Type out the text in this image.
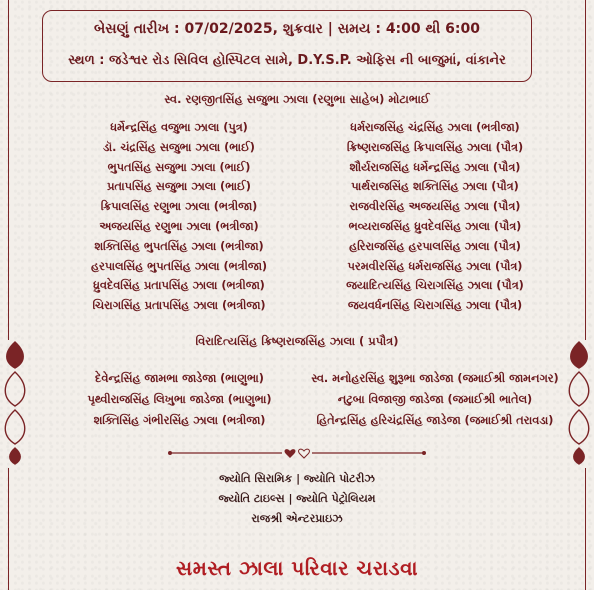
બેસણું તારીખ : 07/02/2025, શુક્રવાર | સમય : 4:00 થી 6:00
સ્થળ : જડેશ્વર રોડ સિવિલ હોસ્પિટલ સામે, D.Y.S.P. ઓફિસ ની બાજુમાં, વાંકાનેર
સ્વ. રણજીતસિંહ સજુભા ઝાલા (રણુભા સાહેબ) મોટાભાઈ
ધર્મેન્દ્રસિંહ વજુભા ઝાલા (પુત્ર)
ડૉ. ચંદ્રસિંહ સજુભા ઝાલા (ભાઈ)
ભુપતસિંહ સજુભા ઝાલા (ભાઈ)
પ્રતાપસિંહ સજુભા ઝાલા (ભાઈ)
ક્રિપાલસિંહ રણુભા ઝાલા (ભત્રીજા)
અજયસિંહ રણુભા ઝાલા (ભત્રીજા)
શક્તિસિંહ ભુપતસિંહ ઝાલા (ભત્રીજા)
હરપાલસિંહ ભુપતસિંહ ઝાલા (ભત્રીજા)
ધ્રુવદેવસિંહ પ્રતાપસિંહ ઝાલા (ભત્રીજા)
ચિરાગસિંહ પ્રતાપસિંહ ઝાલા (ભત્રીજા)
ધર્મરાજસિંહ ચંદ્રસિંહ ઝાલા (ભત્રીજા)
ક્રિષ્ણરાજસિંહ ક્રિપાલસિંહ ઝાલા (પૌત્ર)
શૌર્યરાજસિંહ ધર્મેન્દ્રસિંહ ઝાલા (પૌત્ર)
પાર્થરાજસિંહ શક્તિસિંહ ઝાલા (પૌત્ર)
રાજવીરસિંહ અજયસિંહ ઝાલા (પૌત્ર)
ભવ્યરાજસિંહ ધ્રુવદેવસિંહ ઝાલા (પૌત્ર)
હરિરાજસિંહ હરપાલસિંહ ઝાલા (પૌત્ર)
પરમવીરસિંહ ધર્મરાજસિંહ ઝાલા (પૌત્ર)
જયાદિત્યસિંહ ચિરાગસિંહ ઝાલા (પૌત્ર)
જયવર્ધનસિંહ ચિરાગસિંહ ઝાલા (પૌત્ર)
વિરાદિત્યસિંહ ક્રિષ્ણરાજસિંહ ઝાલા ( પ્રપૌત્ર)
દેવેન્દ્રસિંહ જામભા જાડેજા (ભાણુભા)
પૃથ્વીરાજસિંહ લિખુભા જાડેજા (ભાણુભા)
શક્તિસિંહ ગંભીરસિંહ ઝાલા (ભત્રીજા)
સ્વ. મનોહરસિંહ શુરૂભા જાડેજા (જમાઈશ્રી જામનગર)
નટુબા વિજાજી જાડેજા (જમાઈશ્રી ભાતેલ)
હિતેન્દ્રસિંહ હરિચંદ્રસિંહ જાડેજા (જમાઈશ્રી તરાવડા)
જ્યોતિ સિરામિક | જ્યોતિ પોટરીઝ
જ્યોતિ ટાઇલ્સ | જ્યોતિ પેટ્રોલિયમ
રાજશ્રી એન્ટરપ્રાઇઝ
સમસ્ત ઝાલા પરિવાર ચરાડવા
